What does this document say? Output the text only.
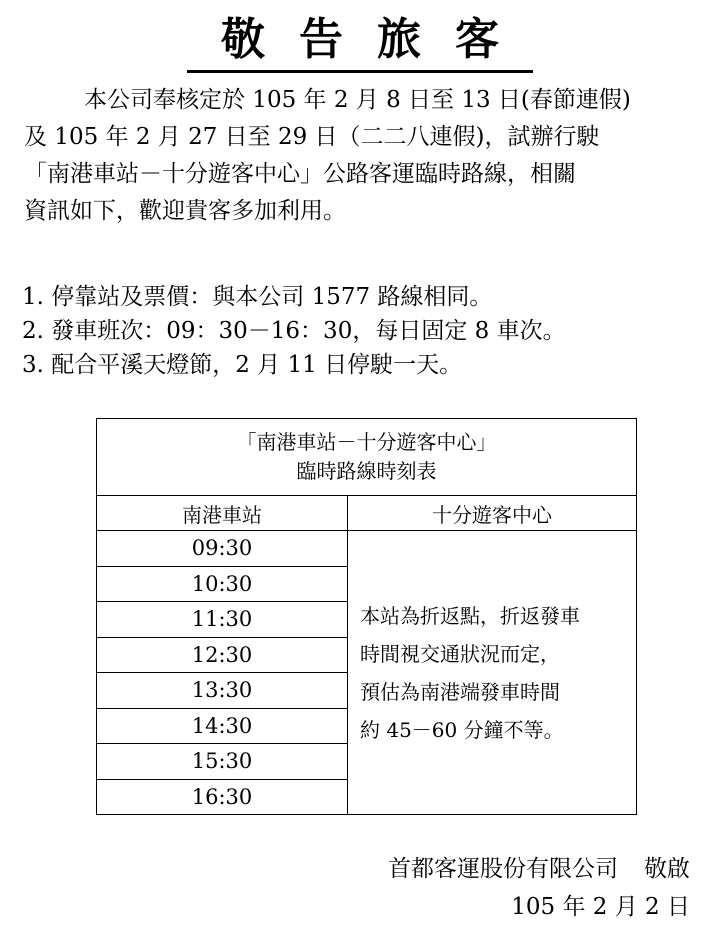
敬告旅客

本公司奉核定於 105 年 2 月 8 日至 13 日(春節連假)
及 105 年 2 月 27 日至 29 日（二二八連假)，試辦行駛
「南港車站－十分遊客中心」公路客運臨時路線，相關
資訊如下，歡迎貴客多加利用。

1. 停靠站及票價：與本公司 1577 路線相同。
2. 發車班次：09：30－16：30，每日固定 8 車次。
3. 配合平溪天燈節，2 月 11 日停駛一天。
「南港車站－十分遊客中心」
臨時路線時刻表	

南港車站	十分遊客中心
09:30	本站為折返點，折返發車
時間視交通狀況而定，
預估為南港端發車時間
約 45－60 分鐘不等。

10:30	
11:30	
12:30	
13:30	
14:30	
15:30	
16:30	
首都客運股份有限公司 敬啟
105 年 2 月 2 日
